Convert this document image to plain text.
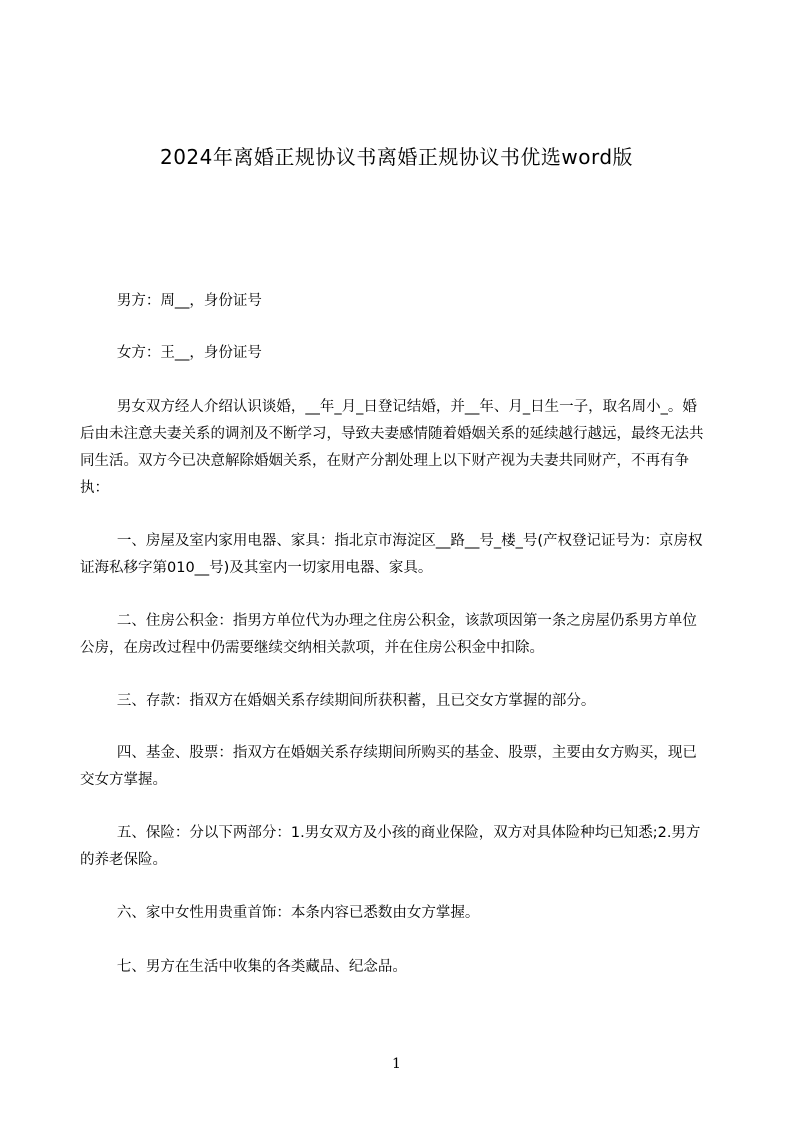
2024年离婚正规协议书离婚正规协议书优选word版
男方：周__，身份证号
女方：王__，身份证号
男女双方经人介绍认识谈婚，__年_月_日登记结婚，并__年、月_日生一子，取名周小_。婚后由未注意夫妻关系的调剂及不断学习，导致夫妻感情随着婚姻关系的延续越行越远，最终无法共同生活。双方今已决意解除婚姻关系，在财产分割处理上以下财产视为夫妻共同财产，不再有争执：
一、房屋及室内家用电器、家具：指北京市海淀区__路__号_楼_号(产权登记证号为：京房权证海私移字第010__号)及其室内一切家用电器、家具。
二、住房公积金：指男方单位代为办理之住房公积金，该款项因第一条之房屋仍系男方单位公房，在房改过程中仍需要继续交纳相关款项，并在住房公积金中扣除。
三、存款：指双方在婚姻关系存续期间所获积蓄，且已交女方掌握的部分。
四、基金、股票：指双方在婚姻关系存续期间所购买的基金、股票，主要由女方购买，现已交女方掌握。
五、保险：分以下两部分：1.男女双方及小孩的商业保险，双方对具体险种均已知悉;2.男方的养老保险。
六、家中女性用贵重首饰：本条内容已悉数由女方掌握。
七、男方在生活中收集的各类藏品、纪念品。
1
